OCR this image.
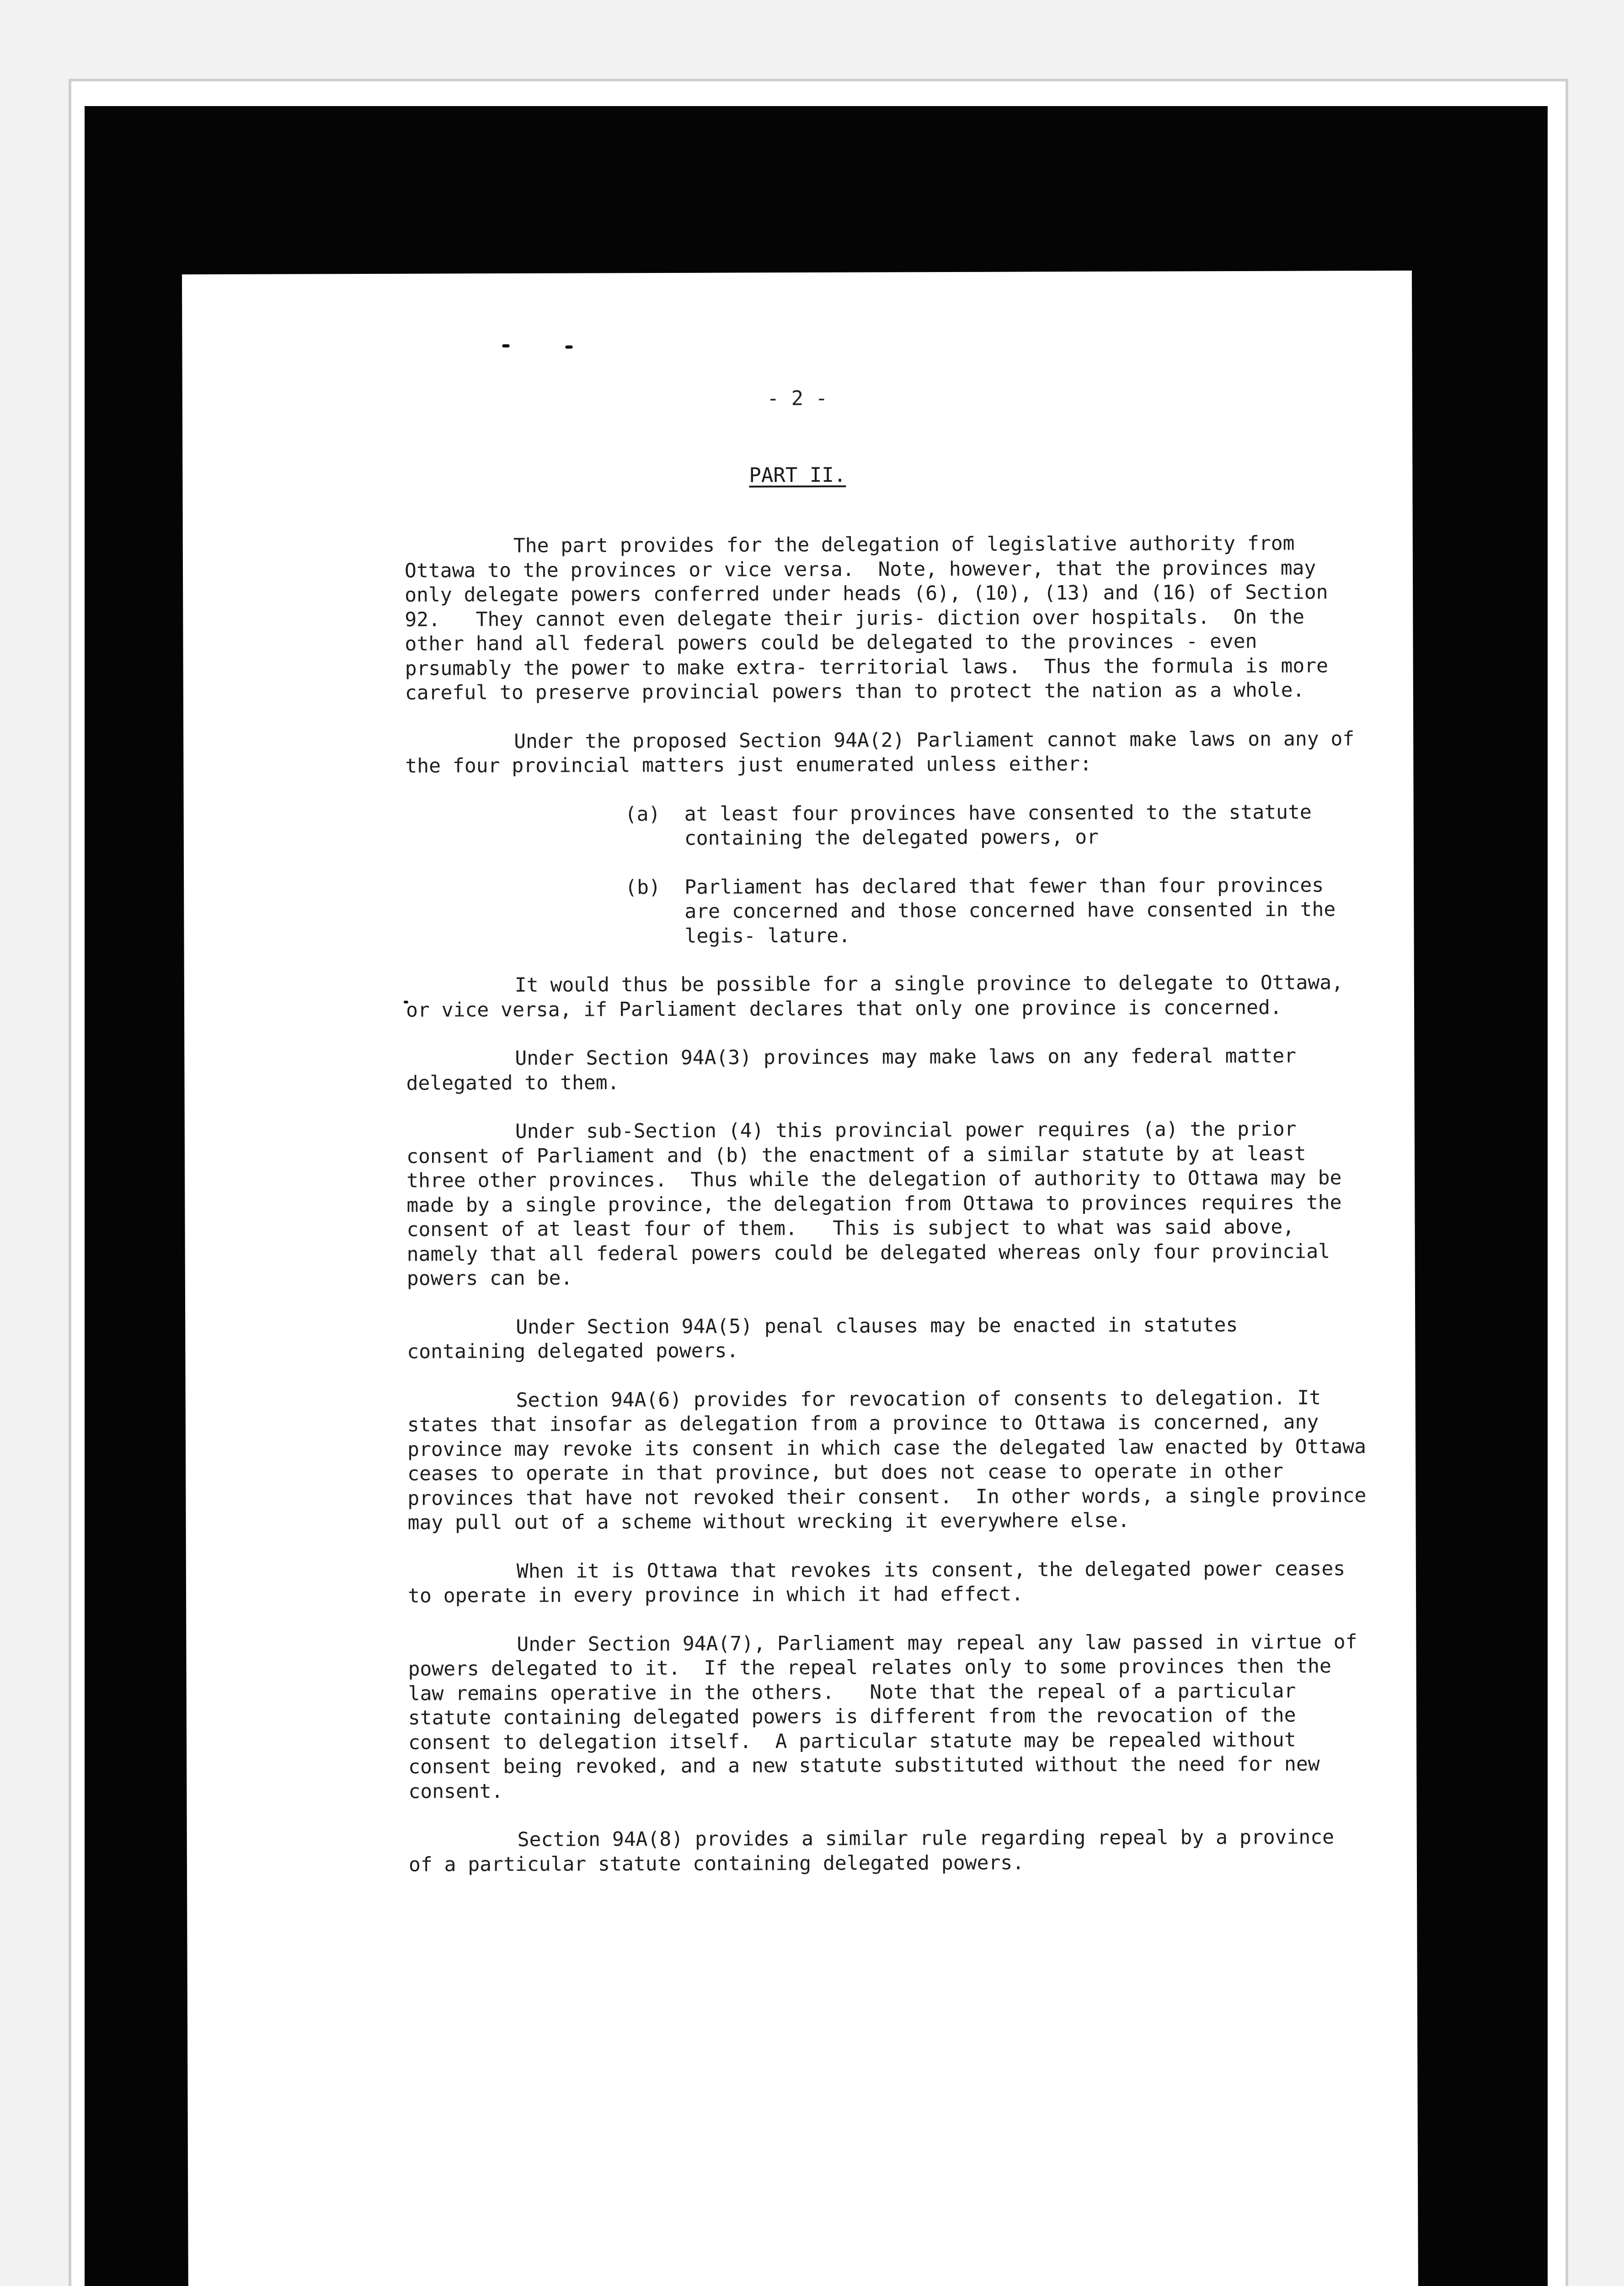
- 2 -
PART II.

The part provides for the delegation of legislative authority from Ottawa to the provinces or vice versa.  Note, however, that the provinces may only delegate powers conferred under heads (6), (10), (13) and (16) of Section 92.   They cannot even delegate their juris- diction over hospitals.  On the other hand all federal powers could be delegated to the provinces - even prsumably the power to make extra- territorial laws.  Thus the formula is more careful to preserve provincial powers than to protect the nation as a whole.

Under the proposed Section 94A(2) Parliament cannot make laws on any of the four provincial matters just enumerated unless either:

(a)	at least four provinces have consented to the statute containing the delegated powers, or
(b)	Parliament has declared that fewer than four provinces are concerned and those concerned have consented in the legis- lature.

It would thus be possible for a single province to delegate to Ottawa, or vice versa, if Parliament declares that only one province is concerned.

Under Section 94A(3) provinces may make laws on any federal matter delegated to them.

Under sub-Section (4) this provincial power requires (a) the prior consent of Parliament and (b) the enactment of a similar statute by at least three other provinces.  Thus while the delegation of authority to Ottawa may be made by a single province, the delegation from Ottawa to provinces requires the consent of at least four of them.   This is subject to what was said above, namely that all federal powers could be delegated whereas only four provincial powers can be.

Under Section 94A(5) penal clauses may be enacted in statutes containing delegated powers.

Section 94A(6) provides for revocation of consents to delegation. It states that insofar as delegation from a province to Ottawa is concerned, any province may revoke its consent in which case the delegated law enacted by Ottawa ceases to operate in that province, but does not cease to operate in other provinces that have not revoked their consent.  In other words, a single province may pull out of a scheme without wrecking it everywhere else.

When it is Ottawa that revokes its consent, the delegated power ceases to operate in every province in which it had effect.

Under Section 94A(7), Parliament may repeal any law passed in virtue of powers delegated to it.  If the repeal relates only to some provinces then the law remains operative in the others.   Note that the repeal of a particular statute containing delegated powers is different from the revocation of the consent to delegation itself.  A particular statute may be repealed without consent being revoked, and a new statute substituted without the need for new consent.

Section 94A(8) provides a similar rule regarding repeal by a province of a particular statute containing delegated powers.
